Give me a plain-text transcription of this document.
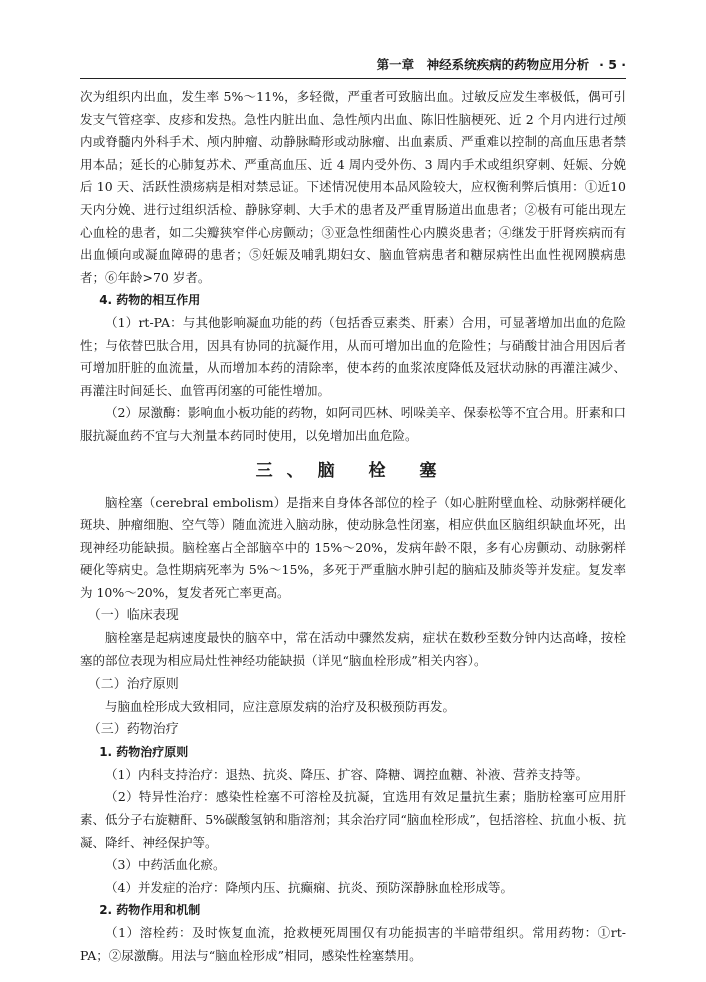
第一章　神经系统疾病的药物应用分析 · 5 ·

次为组织内出血，发生率 5%～11%，多轻微，严重者可致脑出血。过敏反应发生率极低，偶可引发支气管痉挛、皮疹和发热。急性内脏出血、急性颅内出血、陈旧性脑梗死、近 2 个月内进行过颅内或脊髓内外科手术、颅内肿瘤、动静脉畸形或动脉瘤、出血素质、严重难以控制的高血压患者禁用本品；延长的心肺复苏术、严重高血压、近 4 周内受外伤、3 周内手术或组织穿刺、妊娠、分娩后 10 天、活跃性溃疡病是相对禁忌证。下述情况使用本品风险较大，应权衡利弊后慎用：①近10 天内分娩、进行过组织活检、静脉穿刺、大手术的患者及严重胃肠道出血患者；②极有可能出现左心血栓的患者，如二尖瓣狭窄伴心房颤动；③亚急性细菌性心内膜炎患者；④继发于肝肾疾病而有出血倾向或凝血障碍的患者；⑤妊娠及哺乳期妇女、脑血管病患者和糖尿病性出血性视网膜病患者；⑥年龄>70 岁者。

4. 药物的相互作用

（1）rt-PA：与其他影响凝血功能的药（包括香豆素类、肝素）合用，可显著增加出血的危险性；与依替巴肽合用，因具有协同的抗凝作用，从而可增加出血的危险性；与硝酸甘油合用因后者可增加肝脏的血流量，从而增加本药的清除率，使本药的血浆浓度降低及冠状动脉的再灌注减少、再灌注时间延长、血管再闭塞的可能性增加。

（2）尿激酶：影响血小板功能的药物，如阿司匹林、吲哚美辛、保泰松等不宜合用。肝素和口服抗凝血药不宜与大剂量本药同时使用，以免增加出血危险。

三、脑 栓 塞

脑栓塞（cerebral embolism）是指来自身体各部位的栓子（如心脏附壁血栓、动脉粥样硬化斑块、肿瘤细胞、空气等）随血流进入脑动脉，使动脉急性闭塞，相应供血区脑组织缺血坏死，出现神经功能缺损。脑栓塞占全部脑卒中的 15%～20%，发病年龄不限，多有心房颤动、动脉粥样硬化等病史。急性期病死率为 5%～15%，多死于严重脑水肿引起的脑疝及肺炎等并发症。复发率为 10%～20%，复发者死亡率更高。

（一）临床表现

脑栓塞是起病速度最快的脑卒中，常在活动中骤然发病，症状在数秒至数分钟内达高峰，按栓塞的部位表现为相应局灶性神经功能缺损（详见“脑血栓形成”相关内容）。

（二）治疗原则

与脑血栓形成大致相同，应注意原发病的治疗及积极预防再发。

（三）药物治疗
1. 药物治疗原则

（1）内科支持治疗：退热、抗炎、降压、扩容、降糖、调控血糖、补液、营养支持等。

（2）特异性治疗：感染性栓塞不可溶栓及抗凝，宜选用有效足量抗生素；脂肪栓塞可应用肝素、低分子右旋糖酐、5%碳酸氢钠和脂溶剂；其余治疗同“脑血栓形成”，包括溶栓、抗血小板、抗凝、降纤、神经保护等。

（3）中药活血化瘀。

（4）并发症的治疗：降颅内压、抗癫痫、抗炎、预防深静脉血栓形成等。

2. 药物作用和机制

（1）溶栓药：及时恢复血流，抢救梗死周围仅有功能损害的半暗带组织。常用药物：①rt-PA；②尿激酶。用法与“脑血栓形成”相同，感染性栓塞禁用。
